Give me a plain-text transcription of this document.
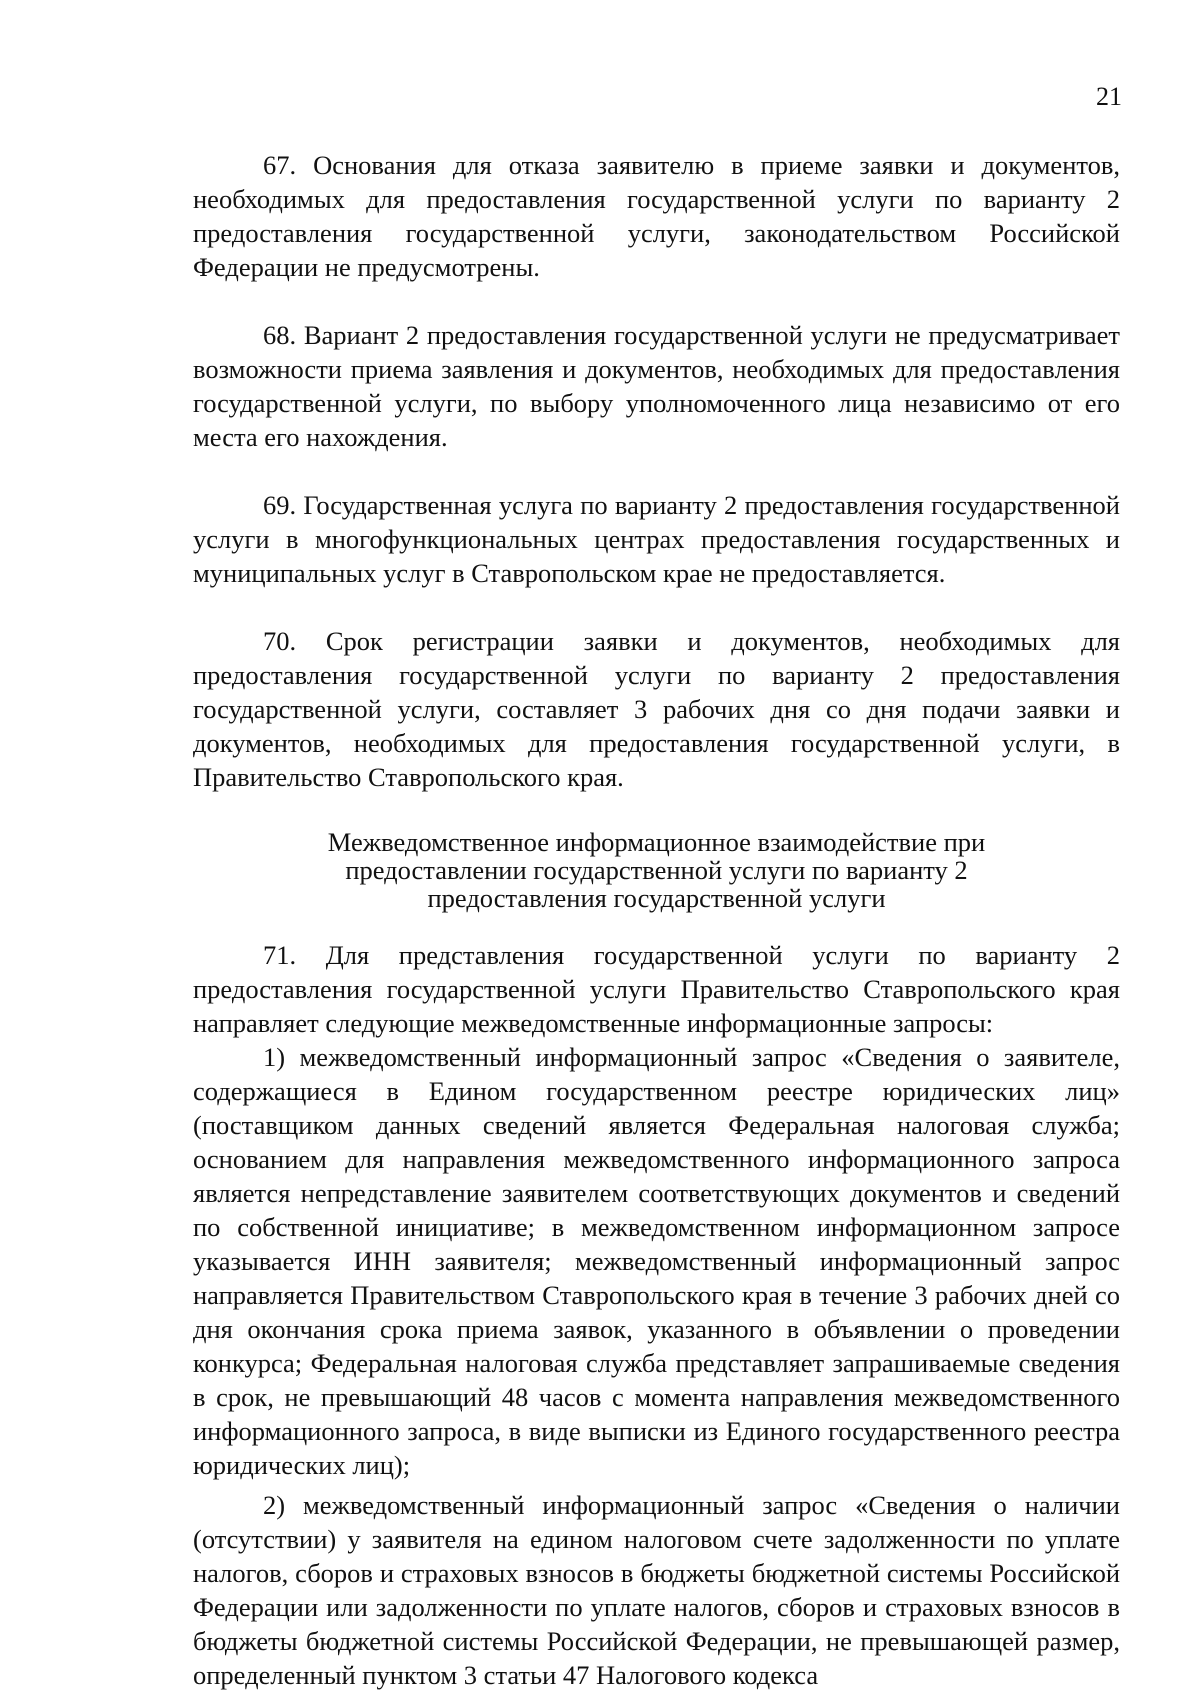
21

67. Основания для отказа заявителю в приеме заявки и документов, необходимых для предоставления государственной услуги по варианту 2 предоставления государственной услуги, законодательством Российской Федерации не предусмотрены.

68. Вариант 2 предоставления государственной услуги не предусматривает возможности приема заявления и документов, необходимых для предоставления государственной услуги, по выбору уполномоченного лица независимо от его места его нахождения.

69. Государственная услуга по варианту 2 предоставления государственной услуги в многофункциональных центрах предоставления государственных и муниципальных услуг в Ставропольском крае не предоставляется.

70. Срок регистрации заявки и документов, необходимых для предоставления государственной услуги по варианту 2 предоставления государственной услуги, составляет 3 рабочих дня со дня подачи заявки и документов, необходимых для предоставления государственной услуги, в Правительство Ставропольского края.

Межведомственное информационное взаимодействие при
предоставлении государственной услуги по варианту 2
предоставления государственной услуги

71. Для представления государственной услуги по варианту 2 предоставления государственной услуги Правительство Ставропольского края направляет следующие межведомственные информационные запросы:

1) межведомственный информационный запрос «Сведения о заявителе, содержащиеся в Едином государственном реестре юридических лиц» (поставщиком данных сведений является Федеральная налоговая служба; основанием для направления межведомственного информационного запроса является непредставление заявителем соответствующих документов и сведений по собственной инициативе; в межведомственном информационном запросе указывается ИНН заявителя; межведомственный информационный запрос направляется Правительством Ставропольского края в течение 3 рабочих дней со дня окончания срока приема заявок, указанного в объявлении о проведении конкурса; Федеральная налоговая служба представляет запрашиваемые сведения в срок, не превышающий 48 часов с момента направления межведомственного информационного запроса, в виде выписки из Единого государственного реестра юридических лиц);

2) межведомственный информационный запрос «Сведения о наличии (отсутствии) у заявителя на едином налоговом счете задолженности по уплате налогов, сборов и страховых взносов в бюджеты бюджетной системы Российской Федерации или задолженности по уплате налогов, сборов и страховых взносов в бюджеты бюджетной системы Российской Федерации, не превышающей размер, определенный пунктом 3 статьи 47 Налогового кодекса
